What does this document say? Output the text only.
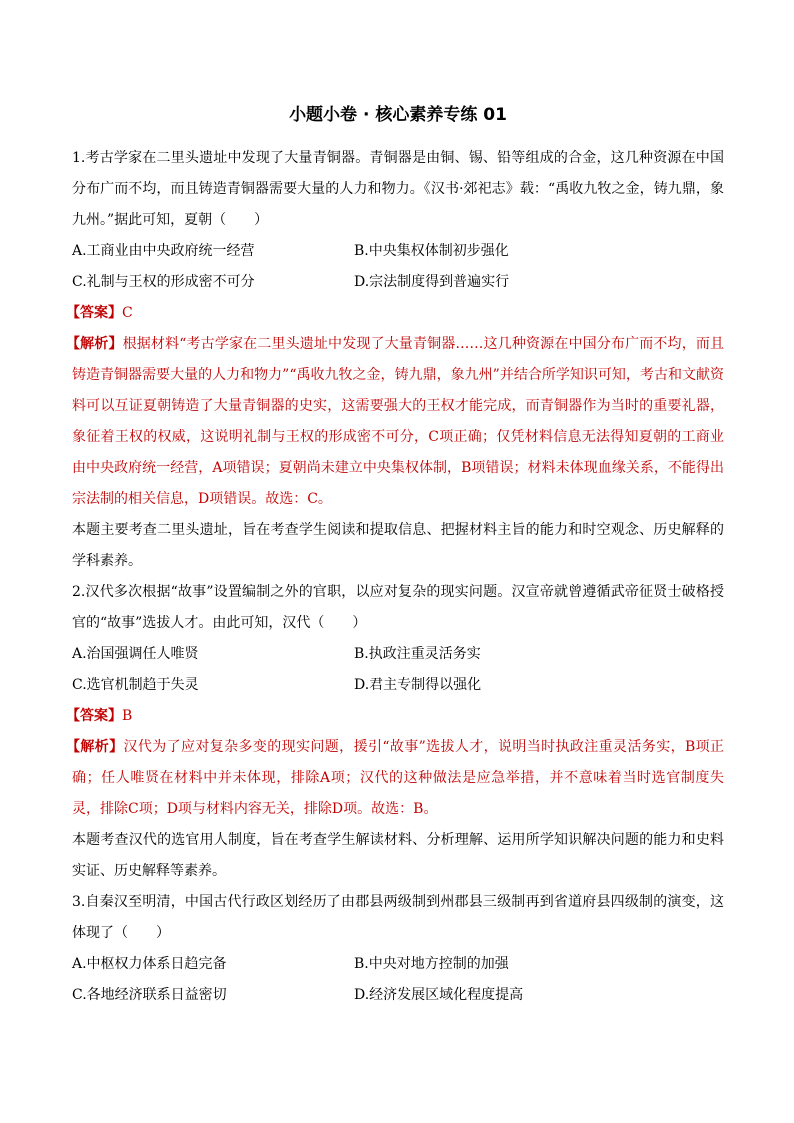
小题小卷 · 核心素养专练 01

1.考古学家在二里头遗址中发现了大量青铜器。青铜器是由铜、锡、铅等组成的合金，这几种资源在中国分布广而不均，而且铸造青铜器需要大量的人力和物力。《汉书·郊祀志》载：“禹收九牧之金，铸九鼎，象九州。”据此可知，夏朝（　　）

A.工商业由中央政府统一经营	B.中央集权体制初步强化
C.礼制与王权的形成密不可分	D.宗法制度得到普遍实行

【答案】C

【解析】根据材料“考古学家在二里头遗址中发现了大量青铜器……这几种资源在中国分布广而不均，而且铸造青铜器需要大量的人力和物力”“禹收九牧之金，铸九鼎，象九州”并结合所学知识可知，考古和文献资料可以互证夏朝铸造了大量青铜器的史实，这需要强大的王权才能完成，而青铜器作为当时的重要礼器，象征着王权的权威，这说明礼制与王权的形成密不可分，C项正确；仅凭材料信息无法得知夏朝的工商业由中央政府统一经营，A项错误；夏朝尚未建立中央集权体制，B项错误；材料未体现血缘关系，不能得出宗法制的相关信息，D项错误。故选：C。

本题主要考查二里头遗址，旨在考查学生阅读和提取信息、把握材料主旨的能力和时空观念、历史解释的学科素养。

2.汉代多次根据“故事”设置编制之外的官职，以应对复杂的现实问题。汉宣帝就曾遵循武帝征贤士破格授官的“故事”选拔人才。由此可知，汉代（　　）

A.治国强调任人唯贤	B.执政注重灵活务实
C.选官机制趋于失灵	D.君主专制得以强化

【答案】B

【解析】汉代为了应对复杂多变的现实问题，援引“故事”选拔人才，说明当时执政注重灵活务实，B项正确；任人唯贤在材料中并未体现，排除A项；汉代的这种做法是应急举措，并不意味着当时选官制度失灵，排除C项；D项与材料内容无关，排除D项。故选：B。

本题考查汉代的选官用人制度，旨在考查学生解读材料、分析理解、运用所学知识解决问题的能力和史料实证、历史解释等素养。

3.自秦汉至明清，中国古代行政区划经历了由郡县两级制到州郡县三级制再到省道府县四级制的演变，这体现了（　　）

A.中枢权力体系日趋完备	B.中央对地方控制的加强
C.各地经济联系日益密切	D.经济发展区域化程度提高
